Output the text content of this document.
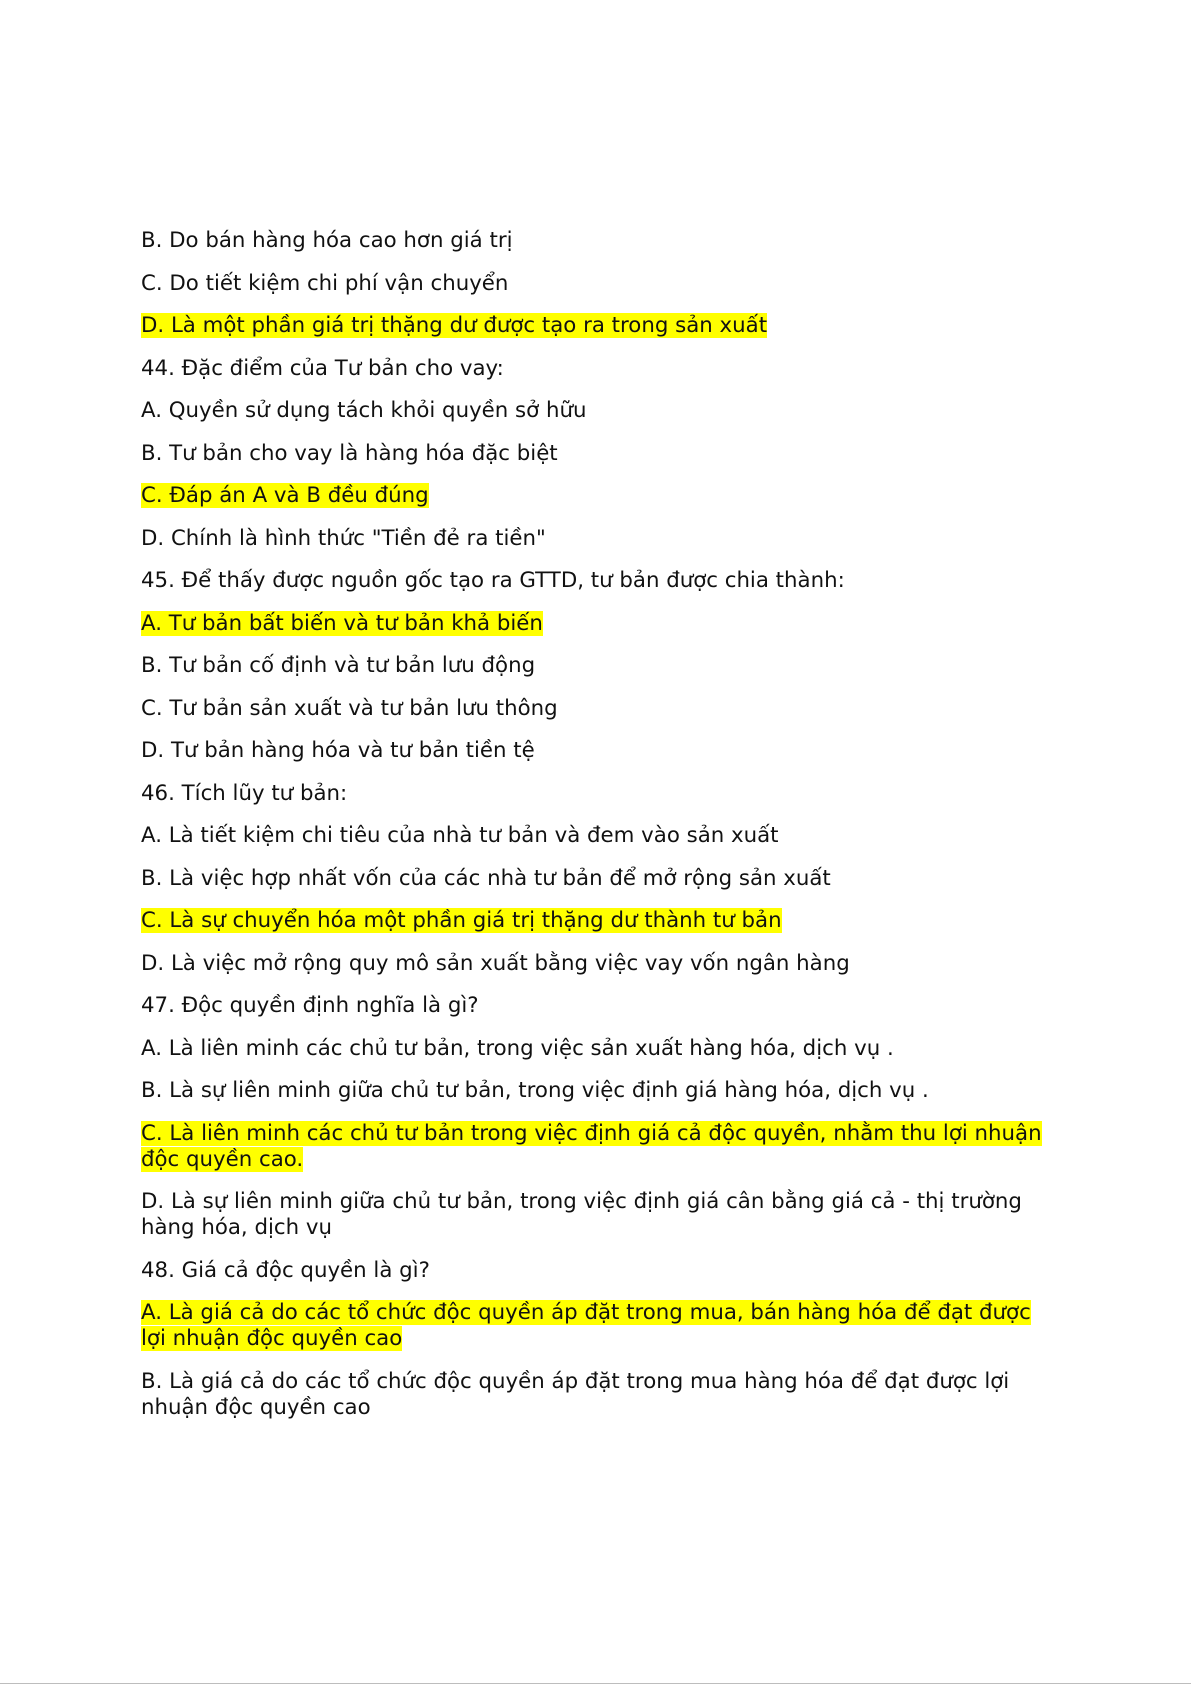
B. Do bán hàng hóa cao hơn giá trị
C. Do tiết kiệm chi phí vận chuyển
D. Là một phần giá trị thặng dư được tạo ra trong sản xuất
44. Đặc điểm của Tư bản cho vay:
A. Quyền sử dụng tách khỏi quyền sở hữu
B. Tư bản cho vay là hàng hóa đặc biệt
C. Đáp án A và B đều đúng
D. Chính là hình thức "Tiền đẻ ra tiền"
45. Để thấy được nguồn gốc tạo ra GTTD, tư bản được chia thành:
A. Tư bản bất biến và tư bản khả biến
B. Tư bản cố định và tư bản lưu động
C. Tư bản sản xuất và tư bản lưu thông
D. Tư bản hàng hóa và tư bản tiền tệ
46. Tích lũy tư bản:
A. Là tiết kiệm chi tiêu của nhà tư bản và đem vào sản xuất
B. Là việc hợp nhất vốn của các nhà tư bản để mở rộng sản xuất
C. Là sự chuyển hóa một phần giá trị thặng dư thành tư bản
D. Là việc mở rộng quy mô sản xuất bằng việc vay vốn ngân hàng
47. Độc quyền định nghĩa là gì?
A. Là liên minh các chủ tư bản, trong việc sản xuất hàng hóa, dịch vụ .
B. Là sự liên minh giữa chủ tư bản, trong việc định giá hàng hóa, dịch vụ .
C. Là liên minh các chủ tư bản trong việc định giá cả độc quyền, nhằm thu lợi nhuận độc quyền cao.
D. Là sự liên minh giữa chủ tư bản, trong việc định giá cân bằng giá cả - thị trường hàng hóa, dịch vụ
48. Giá cả độc quyền là gì?
A. Là giá cả do các tổ chức độc quyền áp đặt trong mua, bán hàng hóa để đạt được lợi nhuận độc quyền cao
B. Là giá cả do các tổ chức độc quyền áp đặt trong mua hàng hóa để đạt được lợi nhuận độc quyền cao
